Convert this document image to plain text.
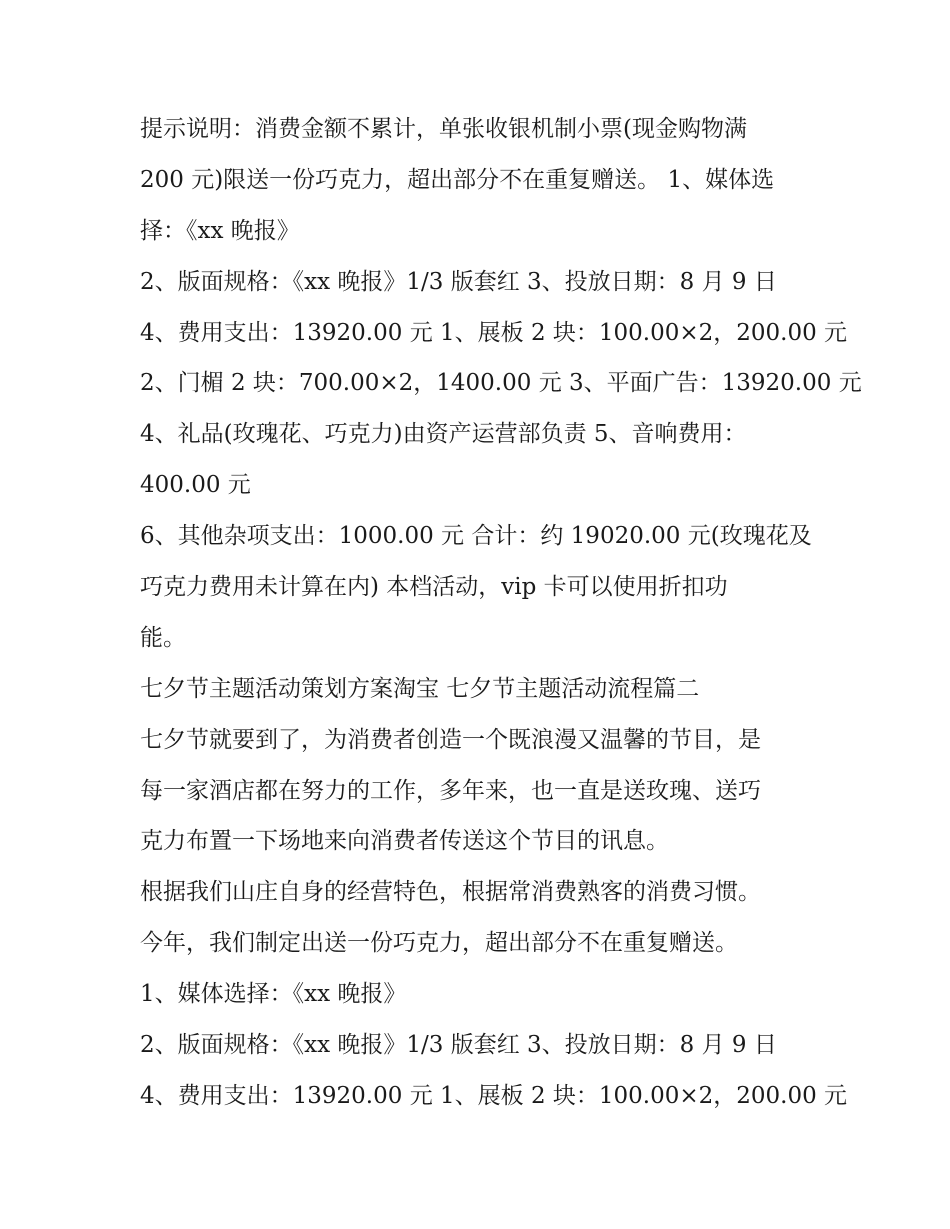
提示说明：消费金额不累计，单张收银机制小票(现金购物满
200 元)限送一份巧克力，超出部分不在重复赠送。 1、媒体选
择：《xx 晚报》
2、版面规格：《xx 晚报》1/3 版套红 3、投放日期：8 月 9 日
4、费用支出：13920.00 元 1、展板 2 块：100.00×2，200.00 元
2、门楣 2 块：700.00×2，1400.00 元 3、平面广告：13920.00 元
4、礼品(玫瑰花、巧克力)由资产运营部负责 5、音响费用：
400.00 元
6、其他杂项支出：1000.00 元 合计：约 19020.00 元(玫瑰花及
巧克力费用未计算在内) 本档活动，vip 卡可以使用折扣功
能。
七夕节主题活动策划方案淘宝 七夕节主题活动流程篇二
七夕节就要到了，为消费者创造一个既浪漫又温馨的节目，是
每一家酒店都在努力的工作，多年来，也一直是送玫瑰、送巧
克力布置一下场地来向消费者传送这个节目的讯息。
根据我们山庄自身的经营特色，根据常消费熟客的消费习惯。
今年，我们制定出送一份巧克力，超出部分不在重复赠送。
1、媒体选择：《xx 晚报》
2、版面规格：《xx 晚报》1/3 版套红 3、投放日期：8 月 9 日
4、费用支出：13920.00 元 1、展板 2 块：100.00×2，200.00 元
